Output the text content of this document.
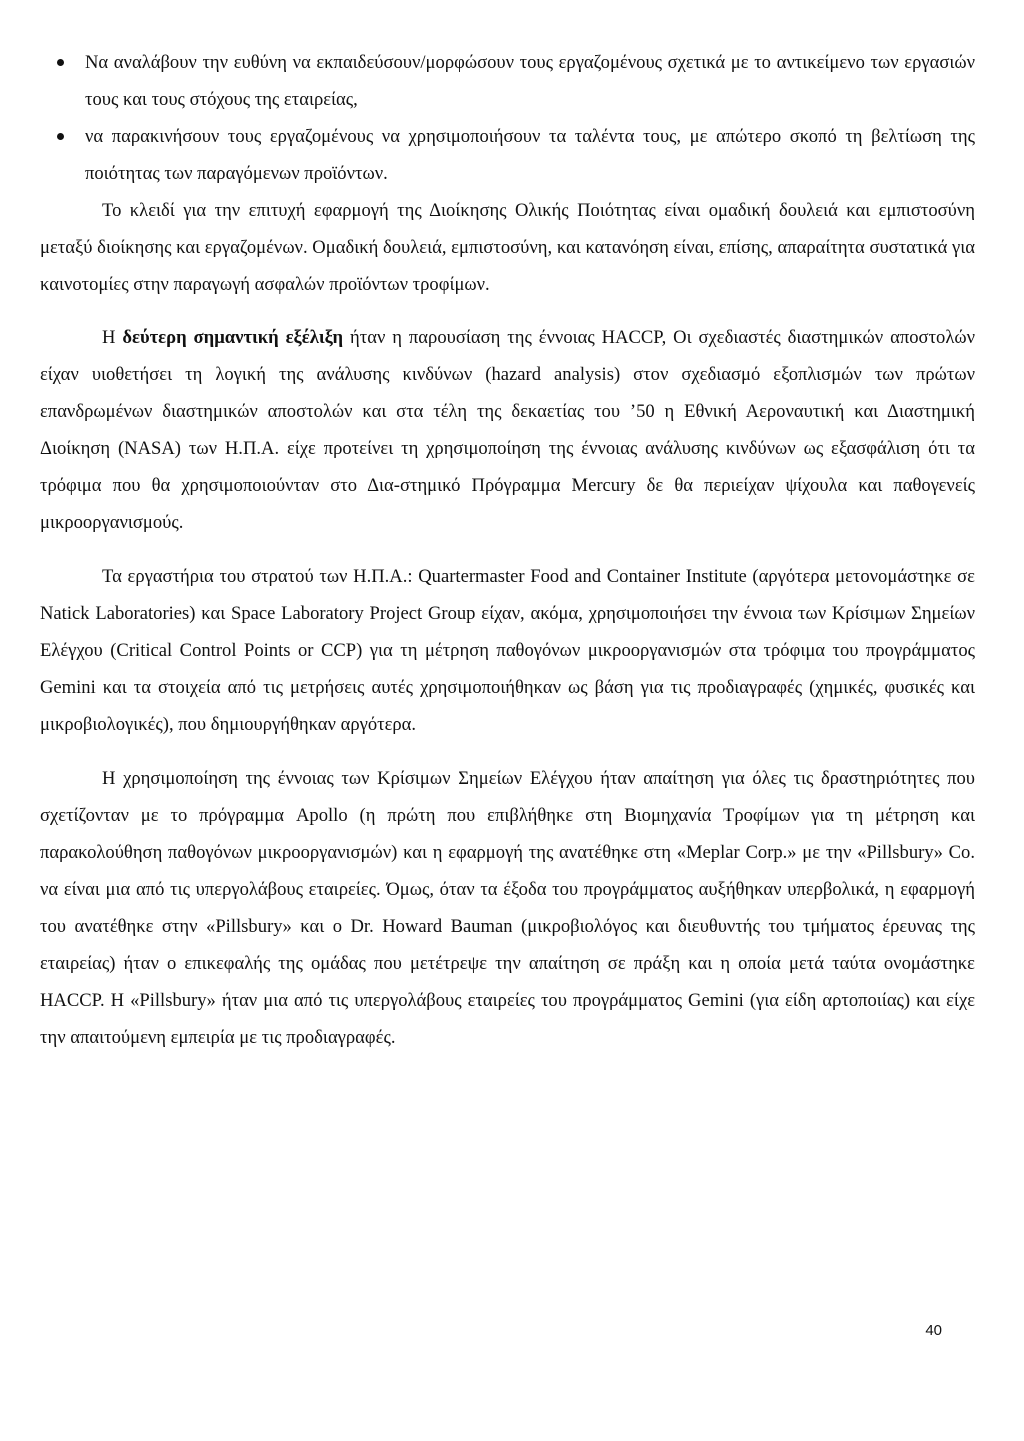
Να αναλάβουν την ευθύνη να εκπαιδεύσουν/μορφώσουν τους εργαζομένους σχετικά με το αντικείμενο των εργασιών τους και τους στόχους της εταιρείας,
να παρακινήσουν τους εργαζομένους να χρησιμοποιήσουν τα ταλέντα τους, με απώτερο σκοπό τη βελτίωση της ποιότητας των παραγόμενων προϊόντων.

Το κλειδί για την επιτυχή εφαρμογή της Διοίκησης Ολικής Ποιότητας είναι ομαδική δουλειά και εμπιστοσύνη μεταξύ διοίκησης και εργαζομένων. Ομαδική δουλειά, εμπιστοσύνη, και κατανόηση είναι, επίσης, απαραίτητα συστατικά για καινοτομίες στην παραγωγή ασφαλών προϊόντων τροφίμων.

Η δεύτερη σημαντική εξέλιξη ήταν η παρουσίαση της έννοιας HACCP, Οι σχεδιαστές διαστημικών αποστολών είχαν υιοθετήσει τη λογική της ανάλυσης κινδύνων (hazard analysis) στον σχεδιασμό εξοπλισμών των πρώτων επανδρωμένων διαστημικών αποστολών και στα τέλη της δεκαετίας του ’50 η Εθνική Αεροναυτική και Διαστημική Διοίκηση (NASA) των Η.Π.Α. είχε προτείνει τη χρησιμοποίηση της έννοιας ανάλυσης κινδύνων ως εξασφάλιση ότι τα τρόφιμα που θα χρησιμοποιούνταν στο Δια-στημικό Πρόγραμμα Mercury δε θα περιείχαν ψίχουλα και παθογενείς μικροοργανισμούς.

Τα εργαστήρια του στρατού των Η.Π.Α.: Quartermaster Food and Container Institute (αργότερα μετονομάστηκε σε Natick Laboratories) και Space Laboratory Project Group είχαν, ακόμα, χρησιμοποιήσει την έννοια των Κρίσιμων Σημείων Ελέγχου (Critical Control Points or CCP) για τη μέτρηση παθογόνων μικροοργανισμών στα τρόφιμα του προγράμματος Gemini και τα στοιχεία από τις μετρήσεις αυτές χρησιμοποιήθηκαν ως βάση για τις προδιαγραφές (χημικές, φυσικές και μικροβιολογικές), που δημιουργήθηκαν αργότερα.

Η χρησιμοποίηση της έννοιας των Κρίσιμων Σημείων Ελέγχου ήταν απαίτηση για όλες τις δραστηριότητες που σχετίζονταν με το πρόγραμμα Apollo (η πρώτη που επιβλήθηκε στη Βιομηχανία Τροφίμων για τη μέτρηση και παρακολούθηση παθογόνων μικροοργανισμών) και η εφαρμογή της ανατέθηκε στη «Meplar Corp.» με την «Pillsbury» Co. να είναι μια από τις υπεργολάβους εταιρείες. Όμως, όταν τα έξοδα του προγράμματος αυξήθηκαν υπερβολικά, η εφαρμογή του ανατέθηκε στην «Pillsbury» και ο Dr. Howard Bauman (μικροβιολόγος και διευθυντής του τμήματος έρευνας της εταιρείας) ήταν ο επικεφαλής της ομάδας που μετέτρεψε την απαίτηση σε πράξη και η οποία μετά ταύτα ονομάστηκε HACCP. Η «Pillsbury» ήταν μια από τις υπεργολάβους εταιρείες του προγράμματος Gemini (για είδη αρτοποιίας) και είχε την απαιτούμενη εμπειρία με τις προδιαγραφές.

40
